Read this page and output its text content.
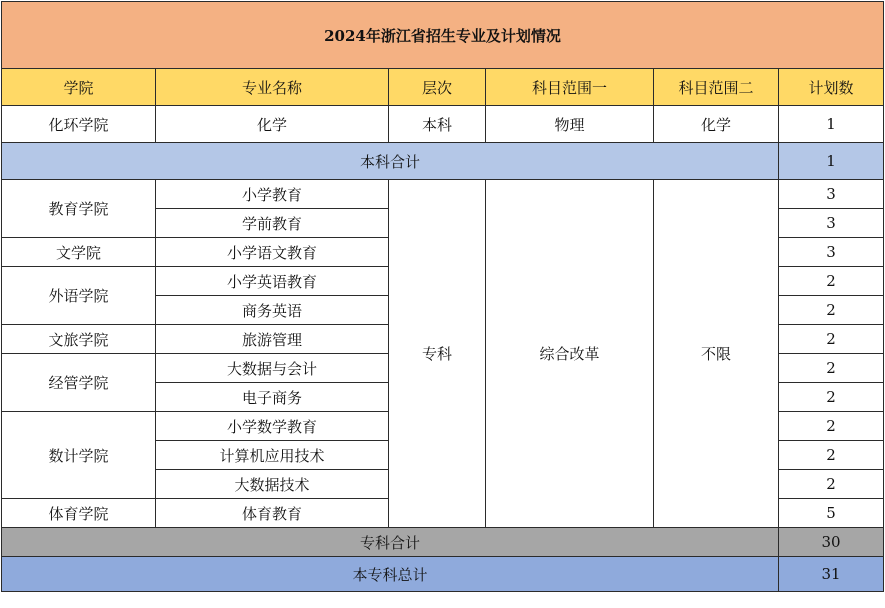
2024年浙江省招生专业及计划情况					
学院	专业名称	层次	科目范围一	科目范围二	计划数
化环学院	化学	本科	物理	化学	1
本科合计					1
教育学院	小学教育	专科	综合改革	不限	3
	学前教育				3
文学院	小学语文教育				3
外语学院	小学英语教育				2
	商务英语				2
文旅学院	旅游管理				2
经管学院	大数据与会计				2
	电子商务				2
数计学院	小学数学教育				2
	计算机应用技术				2
	大数据技术				2
体育学院	体育教育				5
专科合计					30
本专科总计					31
